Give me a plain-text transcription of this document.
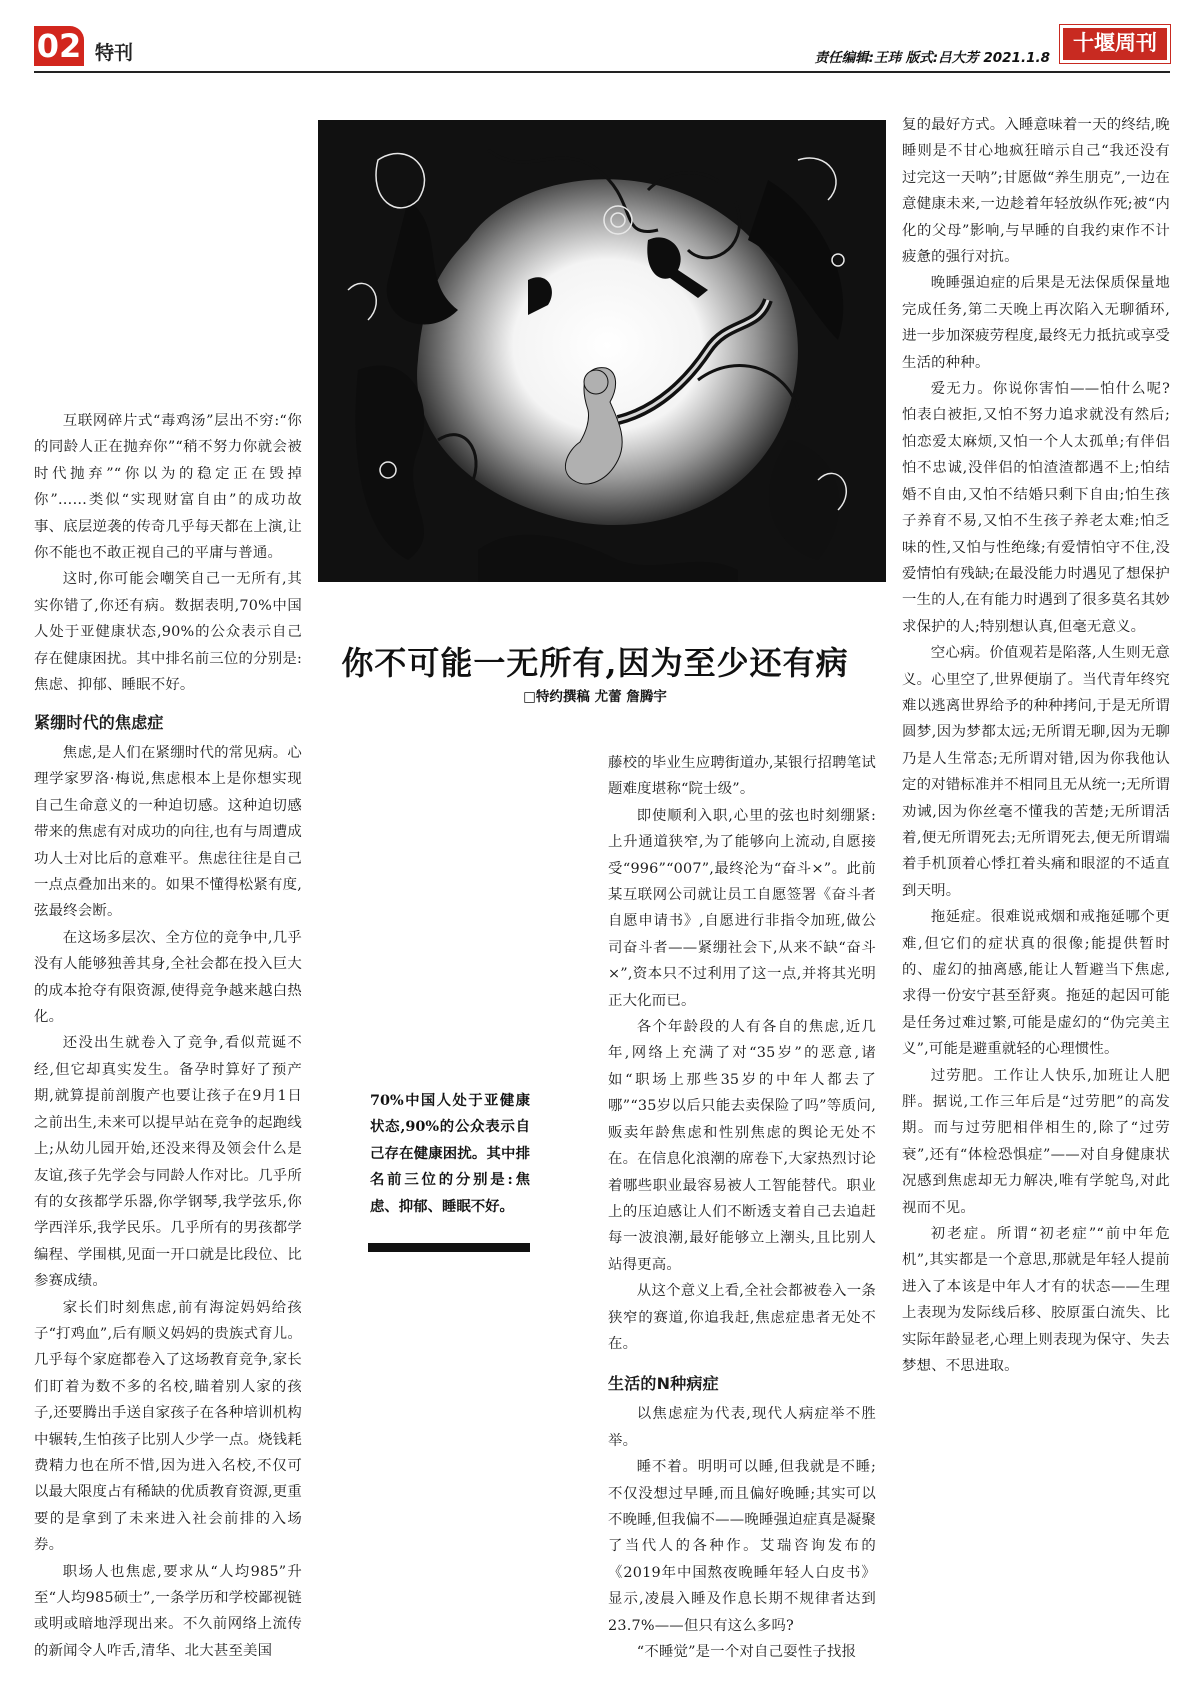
02 特刊	责任编辑:王玮 版式:吕大芳 2021.1.8
十堰周刊
你不可能一无所有,因为至少还有病
□特约撰稿 尤蕾 詹腾宇

互联网碎片式“毒鸡汤”层出不穷:“你的同龄人正在抛弃你”“稍不努力你就会被时代抛弃”“你以为的稳定正在毁掉你”……类似“实现财富自由”的成功故事、底层逆袭的传奇几乎每天都在上演,让你不能也不敢正视自己的平庸与普通。

这时,你可能会嘲笑自己一无所有,其实你错了,你还有病。数据表明,70%中国人处于亚健康状态,90%的公众表示自己存在健康困扰。其中排名前三位的分别是:焦虑、抑郁、睡眠不好。

紧绷时代的焦虑症

焦虑,是人们在紧绷时代的常见病。心理学家罗洛·梅说,焦虑根本上是你想实现自己生命意义的一种迫切感。这种迫切感带来的焦虑有对成功的向往,也有与周遭成功人士对比后的意难平。焦虑往往是自己一点点叠加出来的。如果不懂得松紧有度,弦最终会断。

在这场多层次、全方位的竞争中,几乎没有人能够独善其身,全社会都在投入巨大的成本抢夺有限资源,使得竞争越来越白热化。

还没出生就卷入了竞争,看似荒诞不经,但它却真实发生。备孕时算好了预产期,就算提前剖腹产也要让孩子在9月1日之前出生,未来可以提早站在竞争的起跑线上;从幼儿园开始,还没来得及领会什么是友谊,孩子先学会与同龄人作对比。几乎所有的女孩都学乐器,你学钢琴,我学弦乐,你学西洋乐,我学民乐。几乎所有的男孩都学编程、学围棋,见面一开口就是比段位、比参赛成绩。

家长们时刻焦虑,前有海淀妈妈给孩子“打鸡血”,后有顺义妈妈的贵族式育儿。几乎每个家庭都卷入了这场教育竞争,家长们盯着为数不多的名校,瞄着别人家的孩子,还要腾出手送自家孩子在各种培训机构中辗转,生怕孩子比别人少学一点。烧钱耗费精力也在所不惜,因为进入名校,不仅可以最大限度占有稀缺的优质教育资源,更重要的是拿到了未来进入社会前排的入场券。

职场人也焦虑,要求从“人均985”升至“人均985硕士”,一条学历和学校鄙视链或明或暗地浮现出来。不久前网络上流传的新闻令人咋舌,清华、北大甚至美国

70%中国人处于亚健康状态,90%的公众表示自己存在健康困扰。其中排名前三位的分别是:焦虑、抑郁、睡眠不好。

藤校的毕业生应聘街道办,某银行招聘笔试题难度堪称“院士级”。

即使顺利入职,心里的弦也时刻绷紧:上升通道狭窄,为了能够向上流动,自愿接受“996”“007”,最终沦为“奋斗×”。此前某互联网公司就让员工自愿签署《奋斗者自愿申请书》,自愿进行非指令加班,做公司奋斗者——紧绷社会下,从来不缺“奋斗×”,资本只不过利用了这一点,并将其光明正大化而已。

各个年龄段的人有各自的焦虑,近几年,网络上充满了对“35岁”的恶意,诸如“职场上那些35岁的中年人都去了哪”“35岁以后只能去卖保险了吗”等质问,贩卖年龄焦虑和性别焦虑的舆论无处不在。在信息化浪潮的席卷下,大家热烈讨论着哪些职业最容易被人工智能替代。职业上的压迫感让人们不断透支着自己去追赶每一波浪潮,最好能够立上潮头,且比别人站得更高。

从这个意义上看,全社会都被卷入一条狭窄的赛道,你追我赶,焦虑症患者无处不在。

生活的N种病症

以焦虑症为代表,现代人病症举不胜举。

睡不着。明明可以睡,但我就是不睡;不仅没想过早睡,而且偏好晚睡;其实可以不晚睡,但我偏不——晚睡强迫症真是凝聚了当代人的各种作。艾瑞咨询发布的《2019年中国熬夜晚睡年轻人白皮书》显示,凌晨入睡及作息长期不规律者达到23.7%——但只有这么多吗?

“不睡觉”是一个对自己耍性子找报

复的最好方式。入睡意味着一天的终结,晚睡则是不甘心地疯狂暗示自己“我还没有过完这一天呐”;甘愿做“养生朋克”,一边在意健康未来,一边趁着年轻放纵作死;被“内化的父母”影响,与早睡的自我约束作不计疲惫的强行对抗。

晚睡强迫症的后果是无法保质保量地完成任务,第二天晚上再次陷入无聊循环,进一步加深疲劳程度,最终无力抵抗或享受生活的种种。

爱无力。你说你害怕——怕什么呢?怕表白被拒,又怕不努力追求就没有然后;怕恋爱太麻烦,又怕一个人太孤单;有伴侣怕不忠诚,没伴侣的怕渣渣都遇不上;怕结婚不自由,又怕不结婚只剩下自由;怕生孩子养育不易,又怕不生孩子养老太难;怕乏味的性,又怕与性绝缘;有爱情怕守不住,没爱情怕有残缺;在最没能力时遇见了想保护一生的人,在有能力时遇到了很多莫名其妙求保护的人;特别想认真,但毫无意义。

空心病。价值观若是陷落,人生则无意义。心里空了,世界便崩了。当代青年终究难以逃离世界给予的种种拷问,于是无所谓圆梦,因为梦都太远;无所谓无聊,因为无聊乃是人生常态;无所谓对错,因为你我他认定的对错标准并不相同且无从统一;无所谓劝诫,因为你丝毫不懂我的苦楚;无所谓活着,便无所谓死去;无所谓死去,便无所谓端着手机顶着心悸扛着头痛和眼涩的不适直到天明。

拖延症。很难说戒烟和戒拖延哪个更难,但它们的症状真的很像;能提供暂时的、虚幻的抽离感,能让人暂避当下焦虑,求得一份安宁甚至舒爽。拖延的起因可能是任务过难过繁,可能是虚幻的“伪完美主义”,可能是避重就轻的心理惯性。

过劳肥。工作让人快乐,加班让人肥胖。据说,工作三年后是“过劳肥”的高发期。而与过劳肥相伴相生的,除了“过劳衰”,还有“体检恐惧症”——对自身健康状况感到焦虑却无力解决,唯有学鸵鸟,对此视而不见。

初老症。所谓“初老症”“前中年危机”,其实都是一个意思,那就是年轻人提前进入了本该是中年人才有的状态——生理上表现为发际线后移、胶原蛋白流失、比实际年龄显老,心理上则表现为保守、失去梦想、不思进取。
